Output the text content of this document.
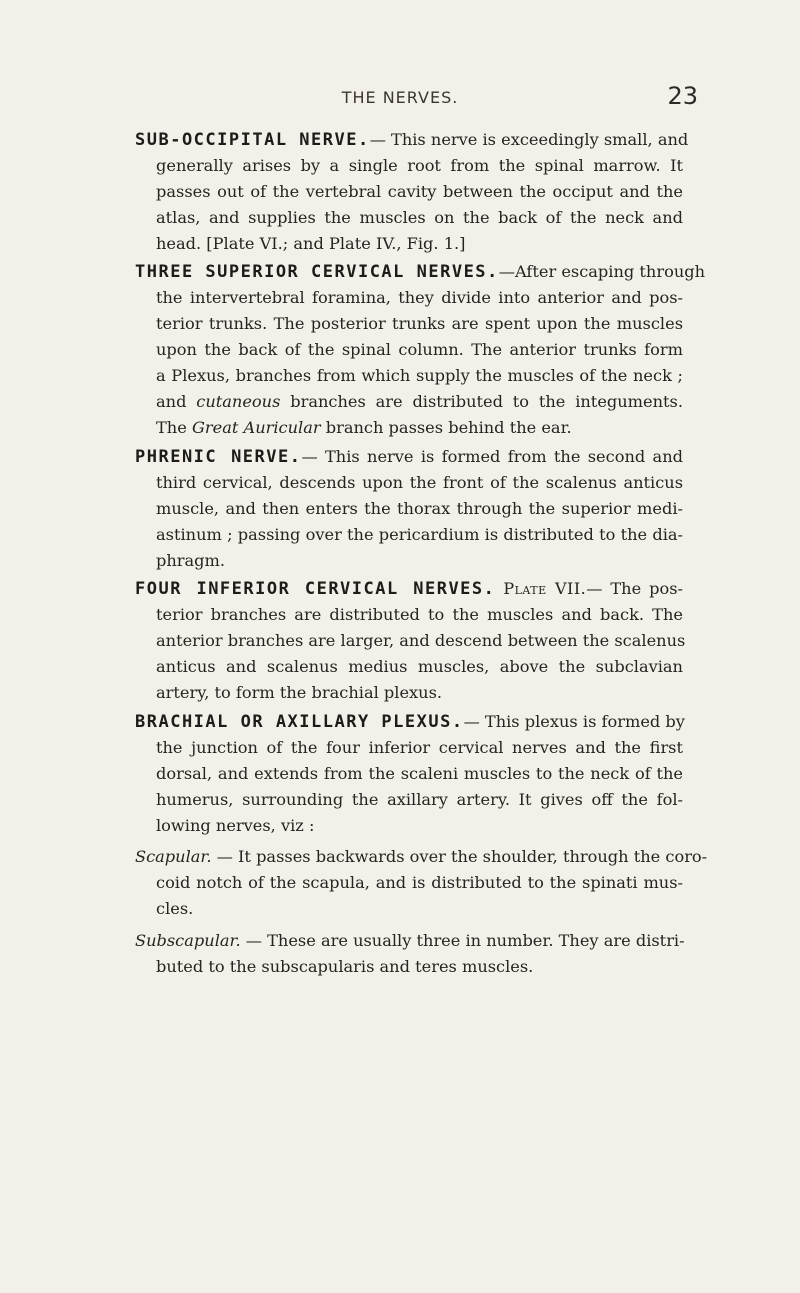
THE NERVES.	23
SUB-OCCIPITAL NERVE.— This nerve is exceedingly small, and
generally arises by a single root from the spinal marrow. It
passes out of the vertebral cavity between the occiput and the
atlas, and supplies the muscles on the back of the neck and
head. [Plate VI.; and Plate IV., Fig. 1.]
THREE SUPERIOR CERVICAL NERVES.—After escaping through
the intervertebral foramina, they divide into anterior and pos-
terior trunks. The posterior trunks are spent upon the muscles
upon the back of the spinal column. The anterior trunks form
a Plexus, branches from which supply the muscles of the neck ;
and cutaneous branches are distributed to the integuments.
The Great Auricular branch passes behind the ear.
PHRENIC NERVE.— This nerve is formed from the second and
third cervical, descends upon the front of the scalenus anticus
muscle, and then enters the thorax through the superior medi-
astinum ; passing over the pericardium is distributed to the dia-
phragm.
FOUR INFERIOR CERVICAL NERVES. Plate VII.— The pos-
terior branches are distributed to the muscles and back. The
anterior branches are larger, and descend between the scalenus
anticus and scalenus medius muscles, above the subclavian
artery, to form the brachial plexus.
BRACHIAL OR AXILLARY PLEXUS.— This plexus is formed by
the junction of the four inferior cervical nerves and the first
dorsal, and extends from the scaleni muscles to the neck of the
humerus, surrounding the axillary artery. It gives off the fol-
lowing nerves, viz :
Scapular. — It passes backwards over the shoulder, through the coro-
coid notch of the scapula, and is distributed to the spinati mus-
cles.
Subscapular. — These are usually three in number. They are distri-
buted to the subscapularis and teres muscles.
